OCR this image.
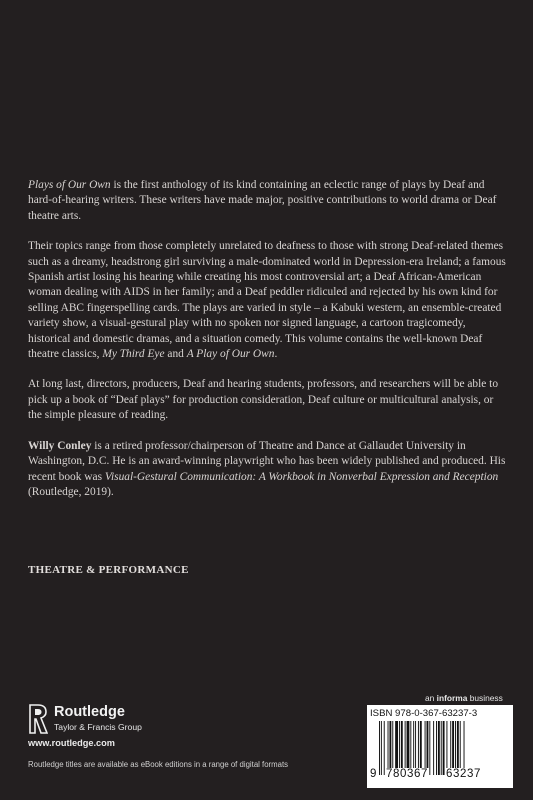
Plays of Our Own is the first anthology of its kind containing an eclectic range of plays by Deaf and hard-of-hearing writers. These writers have made major, positive contributions to world drama or Deaf theatre arts.

Their topics range from those completely unrelated to deafness to those with strong Deaf-related themes such as a dreamy, headstrong girl surviving a male-dominated world in Depression-era Ireland; a famous Spanish artist losing his hearing while creating his most controversial art; a Deaf African-American woman dealing with AIDS in her family; and a Deaf peddler ridiculed and rejected by his own kind for selling ABC fingerspelling cards. The plays are varied in style – a Kabuki western, an ensemble-created variety show, a visual-gestural play with no spoken nor signed language, a cartoon tragicomedy, historical and domestic dramas, and a situation comedy. This volume contains the well-known Deaf theatre classics, My Third Eye and A Play of Our Own.

At long last, directors, producers, Deaf and hearing students, professors, and researchers will be able to pick up a book of “Deaf plays” for production consideration, Deaf culture or multicultural analysis, or the simple pleasure of reading.

Willy Conley is a retired professor/chairperson of Theatre and Dance at Gallaudet University in Washington, D.C. He is an award-winning playwright who has been widely published and produced. His recent book was Visual-Gestural Communication: A Workbook in Nonverbal Expression and Reception (Routledge, 2019).

THEATRE & PERFORMANCE
Routledge
Taylor & Francis Group
www.routledge.com
Routledge titles are available as eBook editions in a range of digital formats
an informa business
ISBN 978-0-367-63237-3
9 780367 63237
